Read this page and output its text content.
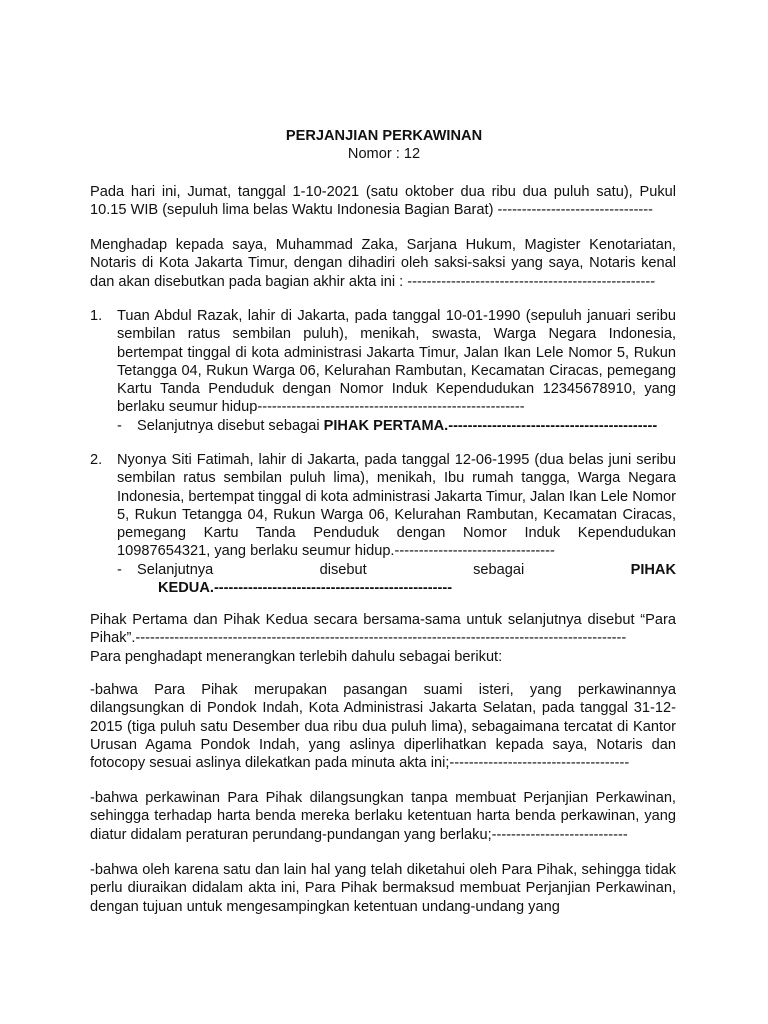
PERJANJIAN PERKAWINAN
Nomor : 12

Pada hari ini, Jumat, tanggal 1-10-2021 (satu oktober dua ribu dua puluh satu), Pukul 10.15 WIB (sepuluh lima belas Waktu Indonesia Bagian Barat) --------------------------------

Menghadap kepada saya, Muhammad Zaka, Sarjana Hukum, Magister Kenotariatan, Notaris di Kota Jakarta Timur, dengan dihadiri oleh saksi-saksi yang saya, Notaris kenal dan akan disebutkan pada bagian akhir akta ini : ---------------------------------------------------

1. Tuan Abdul Razak, lahir di Jakarta, pada tanggal 10-01-1990 (sepuluh januari seribu sembilan ratus sembilan puluh), menikah, swasta, Warga Negara Indonesia, bertempat tinggal di kota administrasi Jakarta Timur, Jalan Ikan Lele Nomor 5, Rukun Tetangga 04, Rukun Warga 06, Kelurahan Rambutan, Kecamatan Ciracas, pemegang Kartu Tanda Penduduk dengan Nomor Induk Kependudukan 12345678910, yang berlaku seumur hidup-------------------------------------------------------

- Selanjutnya disebut sebagai PIHAK PERTAMA.-------------------------------------------
2. Nyonya Siti Fatimah, lahir di Jakarta, pada tanggal 12-06-1995 (dua belas juni seribu sembilan ratus sembilan puluh lima), menikah, Ibu rumah tangga, Warga Negara Indonesia, bertempat tinggal di kota administrasi Jakarta Timur, Jalan Ikan Lele Nomor 5, Rukun Tetangga 04, Rukun Warga 06, Kelurahan Rambutan, Kecamatan Ciracas, pemegang Kartu Tanda Penduduk dengan Nomor Induk Kependudukan 10987654321, yang berlaku seumur hidup.---------------------------------

- Selanjutnya	disebut	sebagai	PIHAK
KEDUA.-------------------------------------------------

Pihak Pertama dan Pihak Kedua secara bersama-sama untuk selanjutnya disebut “Para Pihak”.-----------------------------------------------------------------------------------------------------

Para penghadapt menerangkan terlebih dahulu sebagai berikut:

-bahwa Para Pihak merupakan pasangan suami isteri, yang perkawinannya dilangsungkan di Pondok Indah, Kota Administrasi Jakarta Selatan, pada tanggal 31-12-2015 (tiga puluh satu Desember dua ribu dua puluh lima), sebagaimana tercatat di Kantor Urusan Agama Pondok Indah, yang aslinya diperlihatkan kepada saya, Notaris dan fotocopy sesuai aslinya dilekatkan pada minuta akta ini;-------------------------------------

-bahwa perkawinan Para Pihak dilangsungkan tanpa membuat Perjanjian Perkawinan, sehingga terhadap harta benda mereka berlaku ketentuan harta benda perkawinan, yang diatur didalam peraturan perundang-pundangan yang berlaku;----------------------------

-bahwa oleh karena satu dan lain hal yang telah diketahui oleh Para Pihak, sehingga tidak perlu diuraikan didalam akta ini, Para Pihak bermaksud membuat Perjanjian Perkawinan, dengan tujuan untuk mengesampingkan ketentuan undang-undang yang
